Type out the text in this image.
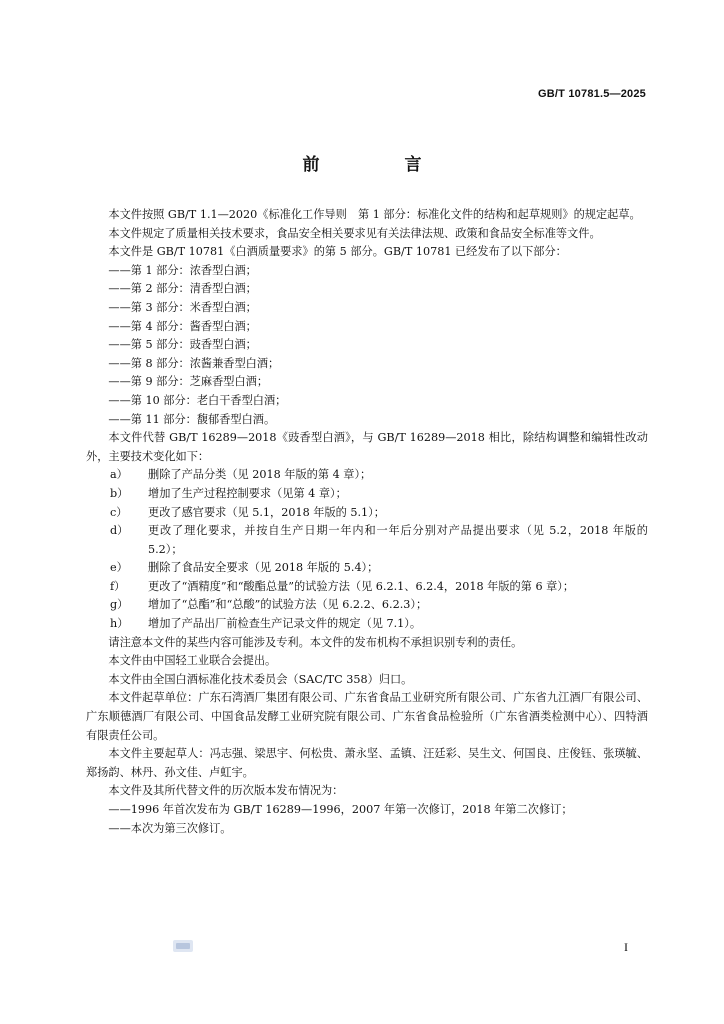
GB/T 10781.5—2025
前　言

本文件按照 GB/T 1.1—2020《标准化工作导则　第 1 部分：标准化文件的结构和起草规则》的规定起草。

本文件规定了质量相关技术要求，食品安全相关要求见有关法律法规、政策和食品安全标准等文件。

本文件是 GB/T 10781《白酒质量要求》的第 5 部分。GB/T 10781 已经发布了以下部分：

——第 1 部分：浓香型白酒；

——第 2 部分：清香型白酒；

——第 3 部分：米香型白酒；

——第 4 部分：酱香型白酒；

——第 5 部分：豉香型白酒；

——第 8 部分：浓酱兼香型白酒；

——第 9 部分：芝麻香型白酒；

——第 10 部分：老白干香型白酒；

——第 11 部分：馥郁香型白酒。

本文件代替 GB/T 16289—2018《豉香型白酒》，与 GB/T 16289—2018 相比，除结构调整和编辑性改动外，主要技术变化如下：

a）	删除了产品分类（见 2018 年版的第 4 章）；
b）	增加了生产过程控制要求（见第 4 章）；
c）	更改了感官要求（见 5.1，2018 年版的 5.1）；
d）	更改了理化要求，并按自生产日期一年内和一年后分别对产品提出要求（见 5.2，2018 年版的 5.2）；
e）	删除了食品安全要求（见 2018 年版的 5.4）；
f）	更改了“酒精度”和“酸酯总量”的试验方法（见 6.2.1、6.2.4，2018 年版的第 6 章）；
g）	增加了“总酯”和“总酸”的试验方法（见 6.2.2、6.2.3）；
h）	增加了产品出厂前检查生产记录文件的规定（见 7.1）。

请注意本文件的某些内容可能涉及专利。本文件的发布机构不承担识别专利的责任。

本文件由中国轻工业联合会提出。

本文件由全国白酒标准化技术委员会（SAC/TC 358）归口。

本文件起草单位：广东石湾酒厂集团有限公司、广东省食品工业研究所有限公司、广东省九江酒厂有限公司、广东顺德酒厂有限公司、中国食品发酵工业研究院有限公司、广东省食品检验所（广东省酒类检测中心）、四特酒有限责任公司。

本文件主要起草人：冯志强、梁思宇、何松贵、萧永坚、孟镇、汪廷彩、吴生文、何国良、庄俊钰、张瑛毓、郑扬韵、林丹、孙文佳、卢虹宇。

本文件及其所代替文件的历次版本发布情况为：

——1996 年首次发布为 GB/T 16289—1996，2007 年第一次修订，2018 年第二次修订；

——本次为第三次修订。

I
